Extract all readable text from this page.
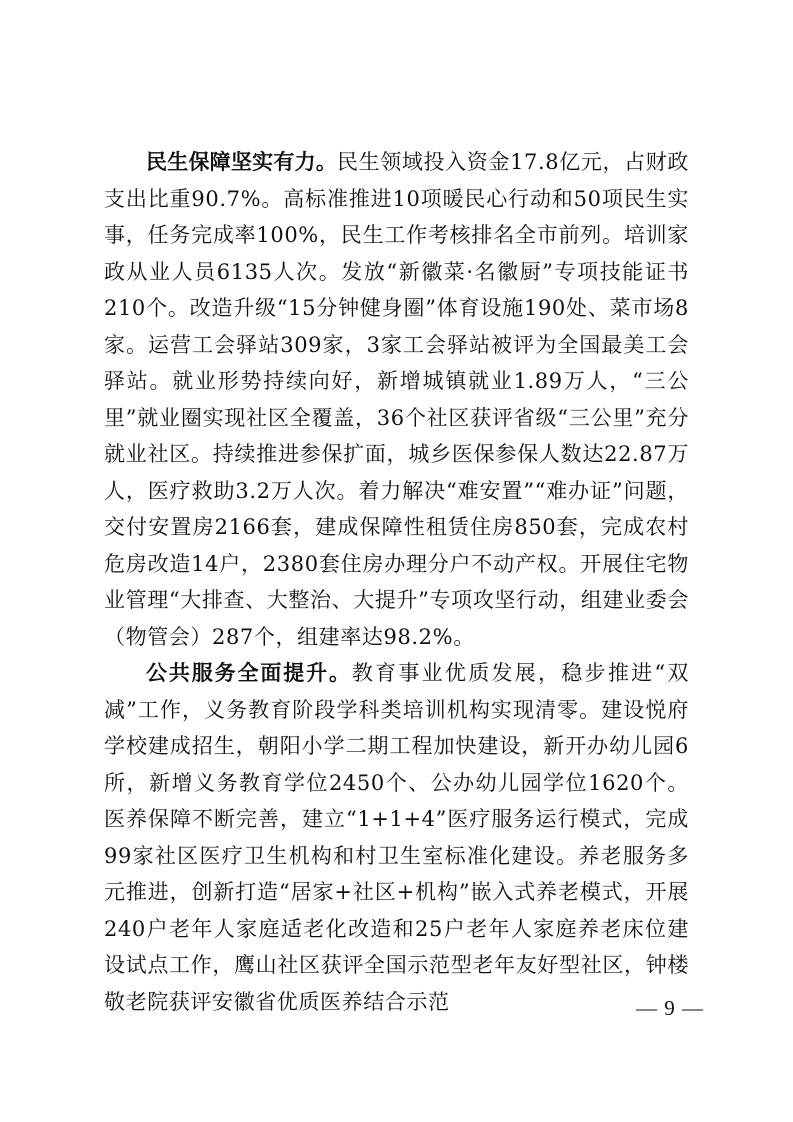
民生保障坚实有力。民生领域投入资金17.8亿元，占财政支出比重90.7%。高标准推进10项暖民心行动和50项民生实事，任务完成率100%，民生工作考核排名全市前列。培训家政从业人员6135人次。发放“新徽菜·名徽厨”专项技能证书210个。改造升级“15分钟健身圈”体育设施190处、菜市场8家。运营工会驿站309家，3家工会驿站被评为全国最美工会驿站。就业形势持续向好，新增城镇就业1.89万人，“三公里”就业圈实现社区全覆盖，36个社区获评省级“三公里”充分就业社区。持续推进参保扩面，城乡医保参保人数达22.87万人，医疗救助3.2万人次。着力解决“难安置”“难办证”问题，交付安置房2166套，建成保障性租赁住房850套，完成农村危房改造14户，2380套住房办理分户不动产权。开展住宅物业管理“大排查、大整治、大提升”专项攻坚行动，组建业委会（物管会）287个，组建率达98.2%。

公共服务全面提升。教育事业优质发展，稳步推进“双减”工作，义务教育阶段学科类培训机构实现清零。建设悦府学校建成招生，朝阳小学二期工程加快建设，新开办幼儿园6所，新增义务教育学位2450个、公办幼儿园学位1620个。医养保障不断完善，建立“1+1+4”医疗服务运行模式，完成99家社区医疗卫生机构和村卫生室标准化建设。养老服务多元推进，创新打造“居家+社区+机构”嵌入式养老模式，开展240户老年人家庭适老化改造和25户老年人家庭养老床位建设试点工作，鹰山社区获评全国示范型老年友好型社区，钟楼敬老院获评安徽省优质医养结合示范	— 9 —
